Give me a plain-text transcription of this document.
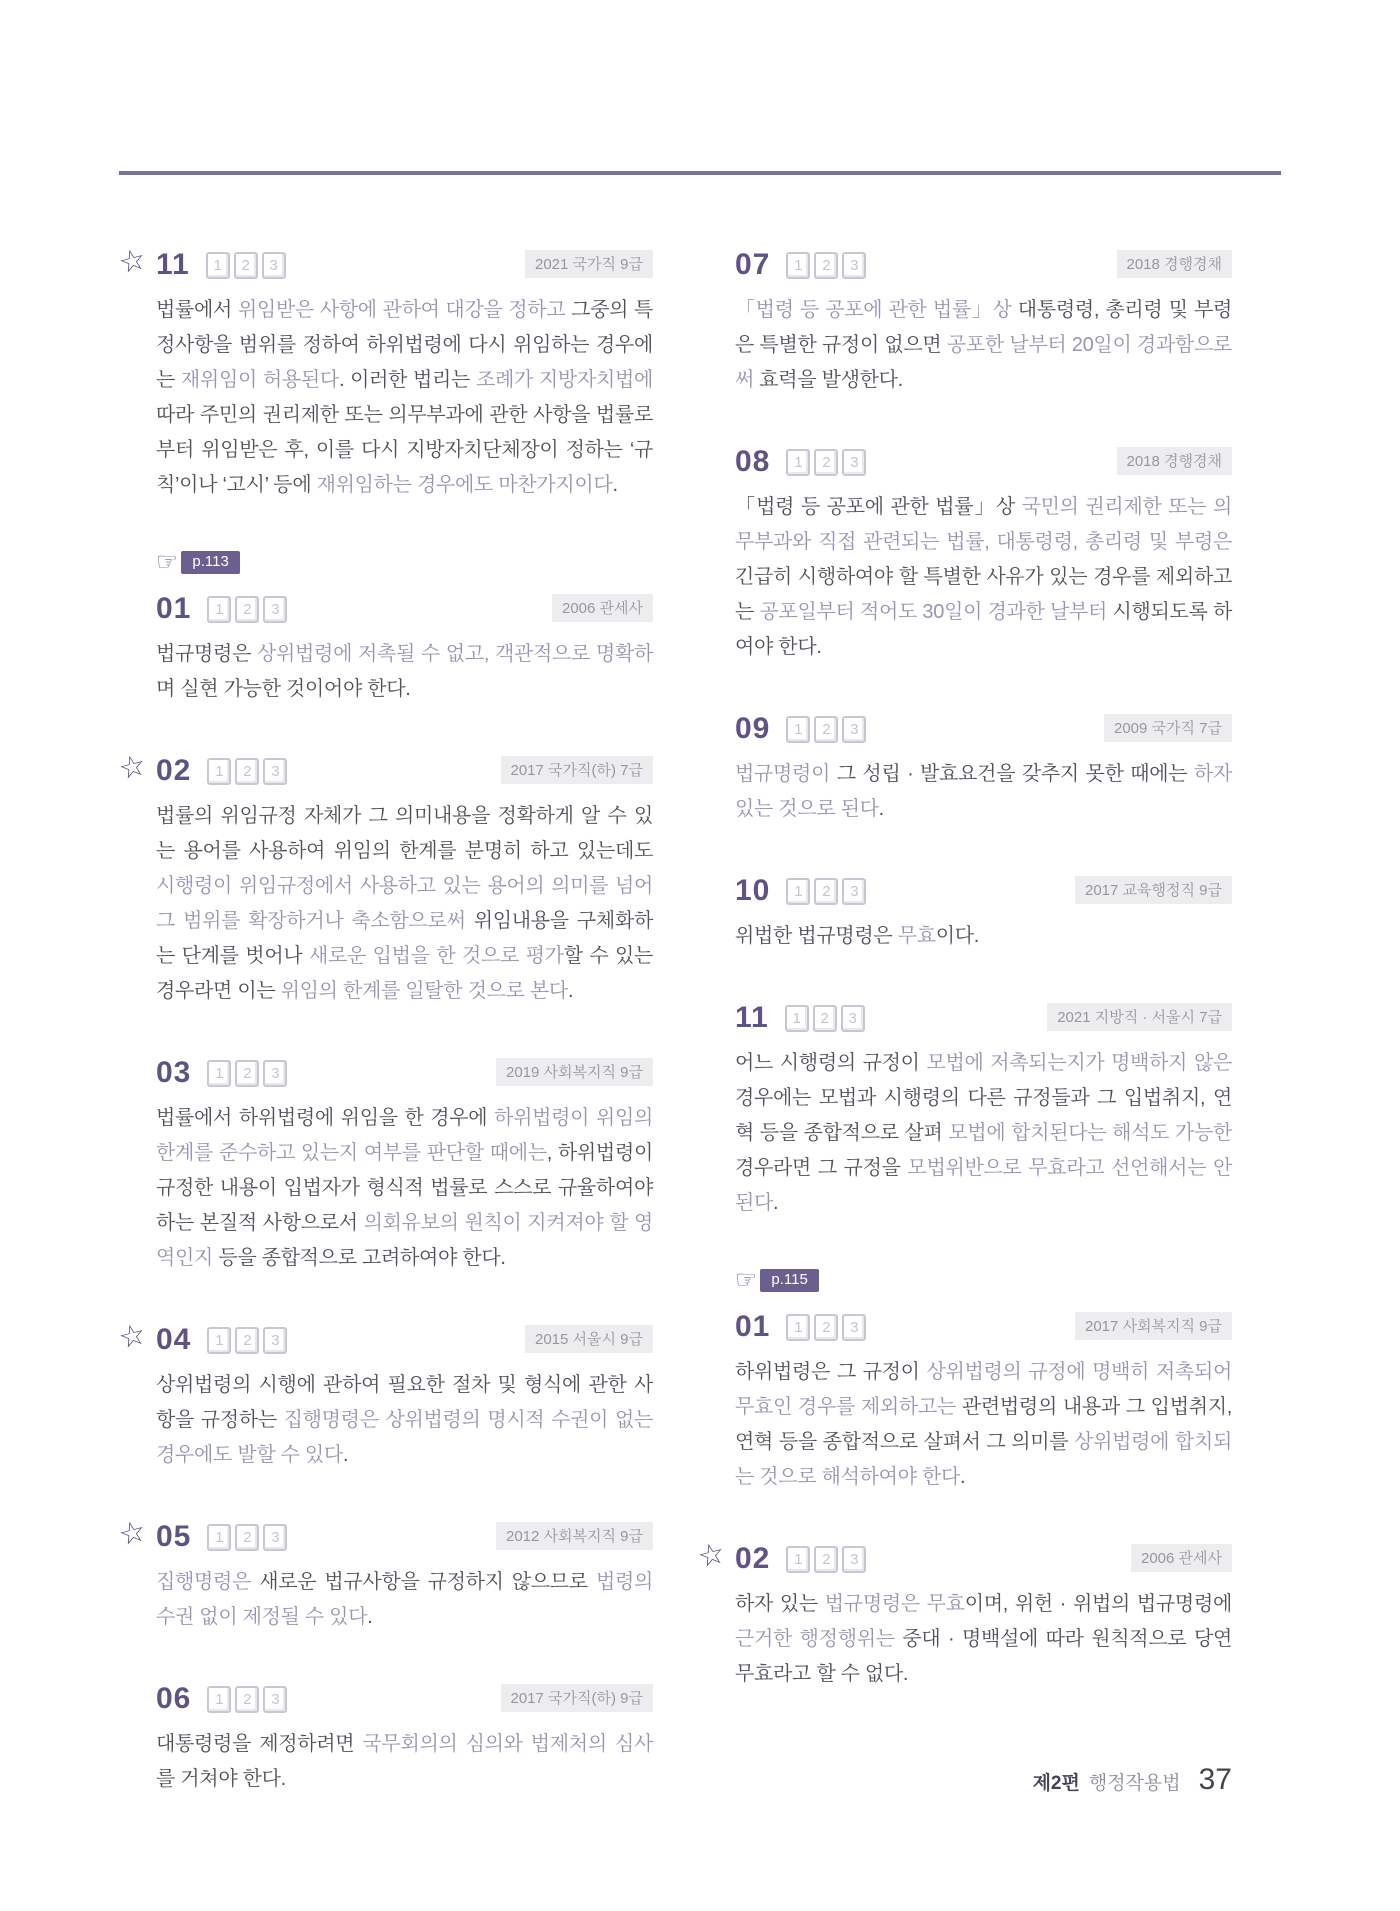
☆ 11	1	2	3	2021 국가직 9급

법률에서 위임받은 사항에 관하여 대강을 정하고 그중의 특정사항을 범위를 정하여 하위법령에 다시 위임하는 경우에는 재위임이 허용된다. 이러한 법리는 조례가 지방자치법에 따라 주민의 권리제한 또는 의무부과에 관한 사항을 법률로부터 위임받은 후, 이를 다시 지방자치단체장이 정하는 ‘규칙’이나 ‘고시’ 등에 재위임하는 경우에도 마찬가지이다.

☞ p.113
01	1	2	3	2006 관세사

법규명령은 상위법령에 저촉될 수 없고, 객관적으로 명확하며 실현 가능한 것이어야 한다.

☆ 02	1	2	3	2017 국가직(하) 7급

법률의 위임규정 자체가 그 의미내용을 정확하게 알 수 있는 용어를 사용하여 위임의 한계를 분명히 하고 있는데도 시행령이 위임규정에서 사용하고 있는 용어의 의미를 넘어 그 범위를 확장하거나 축소함으로써 위임내용을 구체화하는 단계를 벗어나 새로운 입법을 한 것으로 평가할 수 있는 경우라면 이는 위임의 한계를 일탈한 것으로 본다.

03	1	2	3	2019 사회복지직 9급

법률에서 하위법령에 위임을 한 경우에 하위법령이 위임의 한계를 준수하고 있는지 여부를 판단할 때에는, 하위법령이 규정한 내용이 입법자가 형식적 법률로 스스로 규율하여야 하는 본질적 사항으로서 의회유보의 원칙이 지켜져야 할 영역인지 등을 종합적으로 고려하여야 한다.

☆ 04	1	2	3	2015 서울시 9급

상위법령의 시행에 관하여 필요한 절차 및 형식에 관한 사항을 규정하는 집행명령은 상위법령의 명시적 수권이 없는 경우에도 발할 수 있다.

☆ 05	1	2	3	2012 사회복지직 9급

집행명령은 새로운 법규사항을 규정하지 않으므로 법령의 수권 없이 제정될 수 있다.

06	1	2	3	2017 국가직(하) 9급

대통령령을 제정하려면 국무회의의 심의와 법제처의 심사를 거쳐야 한다.

07	1	2	3	2018 경행경채

「법령 등 공포에 관한 법률」상 대통령령, 총리령 및 부령은 특별한 규정이 없으면 공포한 날부터 20일이 경과함으로써 효력을 발생한다.

08	1	2	3	2018 경행경채

「법령 등 공포에 관한 법률」상 국민의 권리제한 또는 의무부과와 직접 관련되는 법률, 대통령령, 총리령 및 부령은 긴급히 시행하여야 할 특별한 사유가 있는 경우를 제외하고는 공포일부터 적어도 30일이 경과한 날부터 시행되도록 하여야 한다.

09	1	2	3	2009 국가직 7급

법규명령이 그 성립 · 발효요건을 갖추지 못한 때에는 하자 있는 것으로 된다.

10	1	2	3	2017 교육행정직 9급

위법한 법규명령은 무효이다.

11	1	2	3	2021 지방직 · 서울시 7급

어느 시행령의 규정이 모법에 저촉되는지가 명백하지 않은 경우에는 모법과 시행령의 다른 규정들과 그 입법취지, 연혁 등을 종합적으로 살펴 모법에 합치된다는 해석도 가능한 경우라면 그 규정을 모법위반으로 무효라고 선언해서는 안 된다.

☞ p.115
01	1	2	3	2017 사회복지직 9급

하위법령은 그 규정이 상위법령의 규정에 명백히 저촉되어 무효인 경우를 제외하고는 관련법령의 내용과 그 입법취지, 연혁 등을 종합적으로 살펴서 그 의미를 상위법령에 합치되는 것으로 해석하여야 한다.

☆ 02	1	2	3	2006 관세사

하자 있는 법규명령은 무효이며, 위헌 · 위법의 법규명령에 근거한 행정행위는 중대 · 명백설에 따라 원칙적으로 당연무효라고 할 수 없다.

제2편 행정작용법 37
